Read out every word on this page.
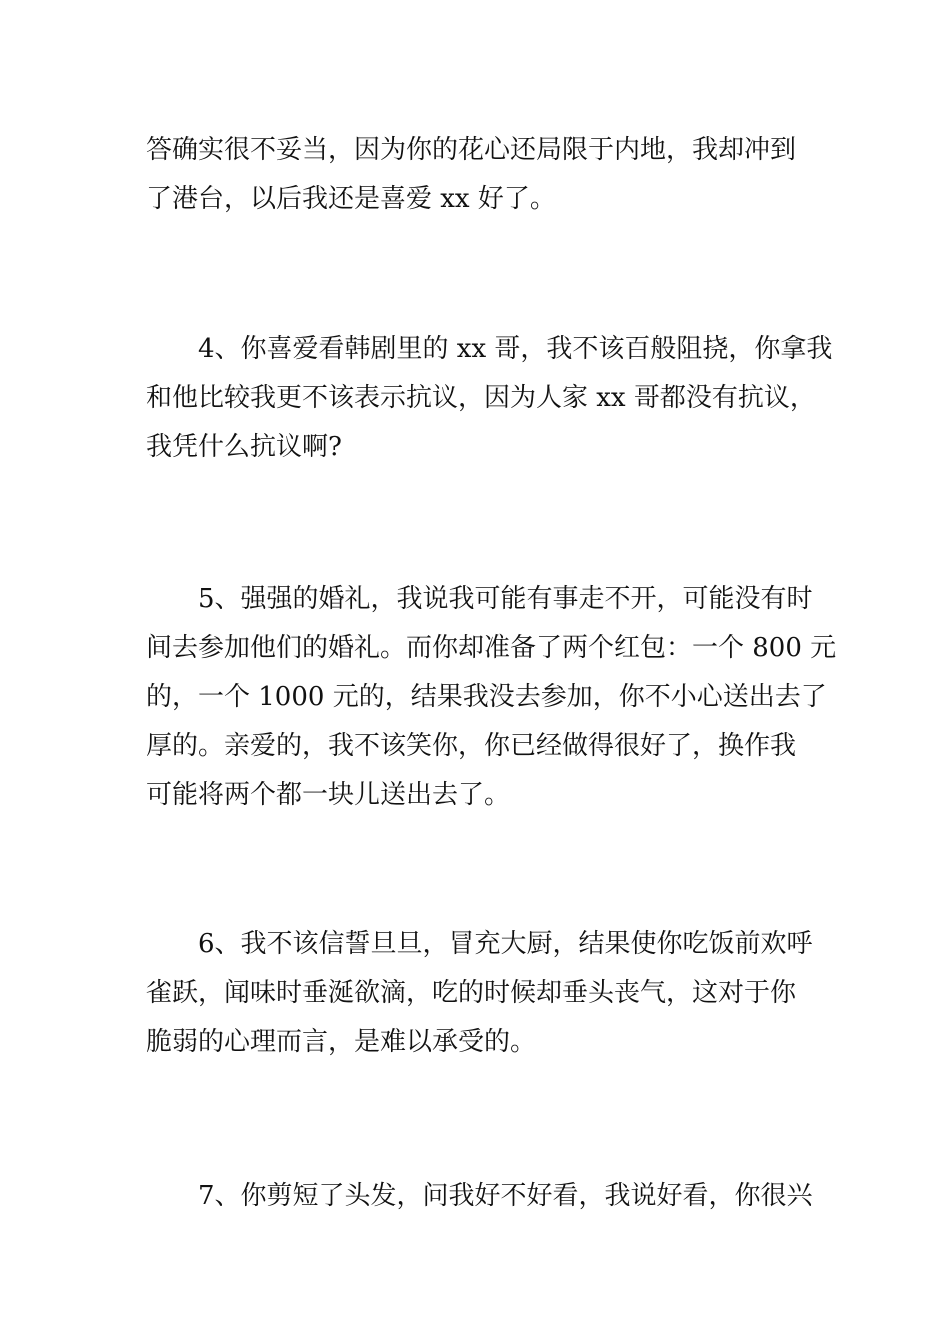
答确实很不妥当，因为你的花心还局限于内地，我却冲到
了港台，以后我还是喜爱 xx 好了。
　　4、你喜爱看韩剧里的 xx 哥，我不该百般阻挠，你拿我
和他比较我更不该表示抗议，因为人家 xx 哥都没有抗议，
我凭什么抗议啊?
　　5、强强的婚礼，我说我可能有事走不开，可能没有时
间去参加他们的婚礼。而你却准备了两个红包：一个 800 元
的，一个 1000 元的，结果我没去参加，你不小心送出去了
厚的。亲爱的，我不该笑你，你已经做得很好了，换作我
可能将两个都一块儿送出去了。
　　6、我不该信誓旦旦，冒充大厨，结果使你吃饭前欢呼
雀跃，闻味时垂涎欲滴，吃的时候却垂头丧气，这对于你
脆弱的心理而言，是难以承受的。
　　7、你剪短了头发，问我好不好看，我说好看，你很兴
